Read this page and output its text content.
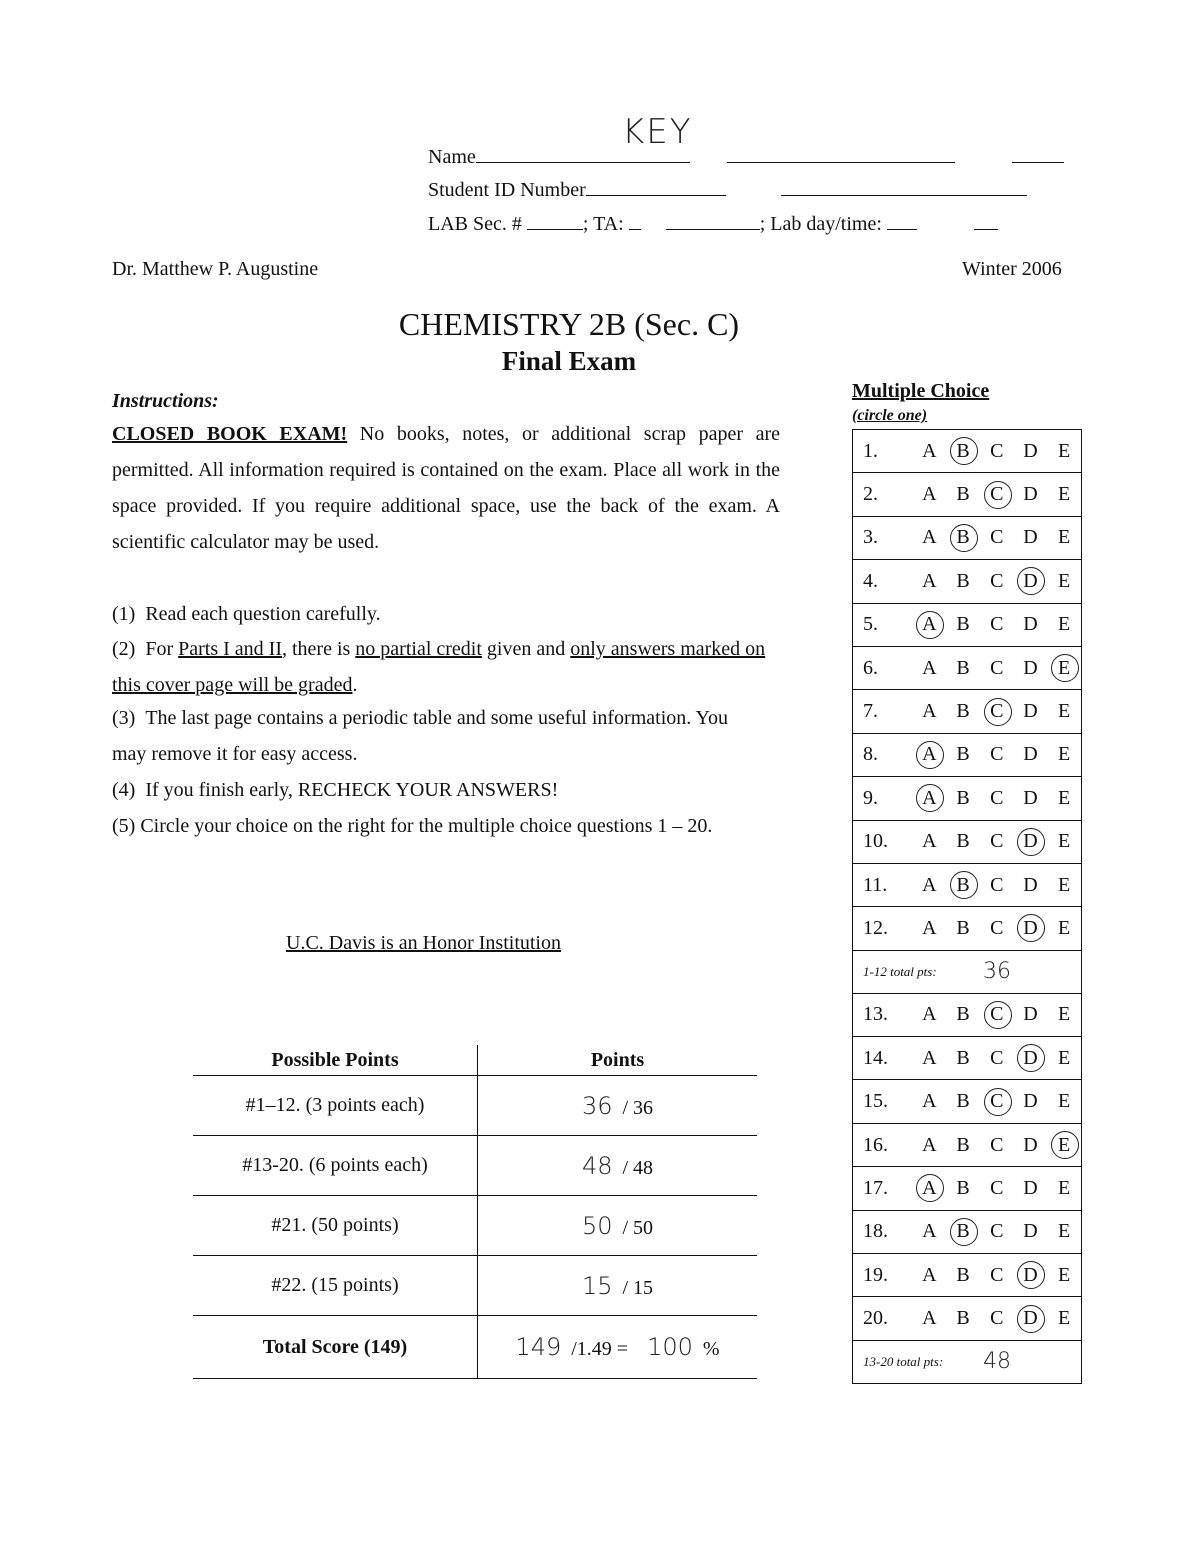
Name
KEY
Student ID Number
LAB Sec. #	; TA:	; Lab day/time:
Dr. Matthew P. Augustine	Winter 2006
CHEMISTRY 2B (Sec. C)
Final Exam
Instructions:
CLOSED BOOK EXAM! No books, notes, or additional scrap paper are permitted. All information required is contained on the exam. Place all work in the space provided. If you require additional space, use the back of the exam. A scientific calculator may be used.
(1) Read each question carefully.
(2) For Parts I and II, there is no partial credit given and only answers marked on this cover page will be graded.
(3) The last page contains a periodic table and some useful information. You may remove it for easy access.
(4) If you finish early, RECHECK YOUR ANSWERS!
(5) Circle your choice on the right for the multiple choice questions 1 – 20.
U.C. Davis is an Honor Institution
Possible Points	Points
#1–12. (3 points each)	36 / 36
#13-20. (6 points each)	48 / 48
#21. (50 points)	50 / 50
#22. (15 points)	15 / 15
Total Score (149)	149 /1.49 = 100 %
Multiple Choice
(circle one)
1.	A B	C D	E
2.	A B	C D	E
3.	A B	C D	E
4.	A B	C D	E
5.	A B	C D	E
6.	A B	C D	E
7.	A B	C D	E
8.	A B	C D	E
9.	A B	C D	E
10.	A B	C D	E
11.	A B	C D	E
12.	A B	C D	E
1-12 total pts:	36
13.	A B	C D	E
14.	A B	C D	E
15.	A B	C D	E
16.	A B	C D	E
17.	A B	C D	E
18.	A B	C D	E
19.	A B	C D	E
20.	A B	C D	E
13-20 total pts:	48
